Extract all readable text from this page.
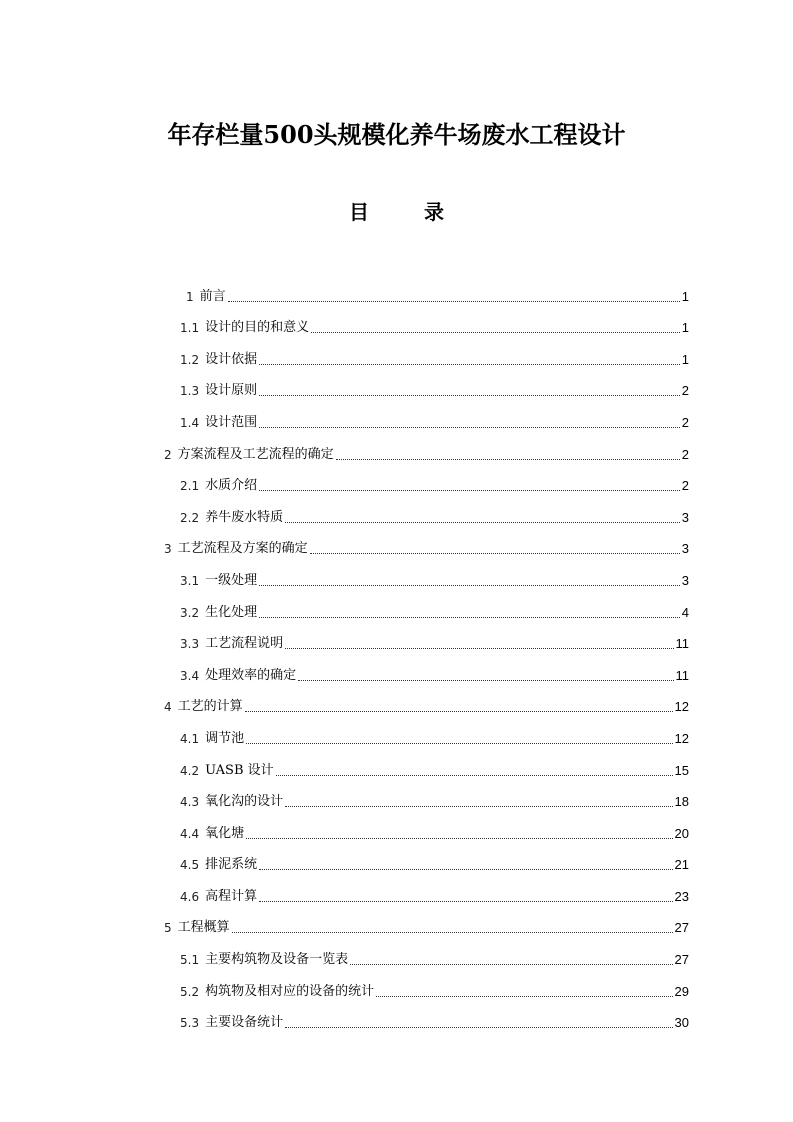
年存栏量500头规模化养牛场废水工程设计
目 录
1 前言	1
1.1 设计的目的和意义	1
1.2 设计依据	1
1.3 设计原则	2
1.4 设计范围	2
2 方案流程及工艺流程的确定	2
2.1 水质介绍	2
2.2 养牛废水特质	3
3 工艺流程及方案的确定	3
3.1 一级处理	3
3.2 生化处理	4
3.3 工艺流程说明	11
3.4 处理效率的确定	11
4 工艺的计算	12
4.1 调节池	12
4.2 UASB 设计	15
4.3 氧化沟的设计	18
4.4 氧化塘	20
4.5 排泥系统	21
4.6 高程计算	23
5 工程概算	27
5.1 主要构筑物及设备一览表	27
5.2 构筑物及相对应的设备的统计	29
5.3 主要设备统计	30
